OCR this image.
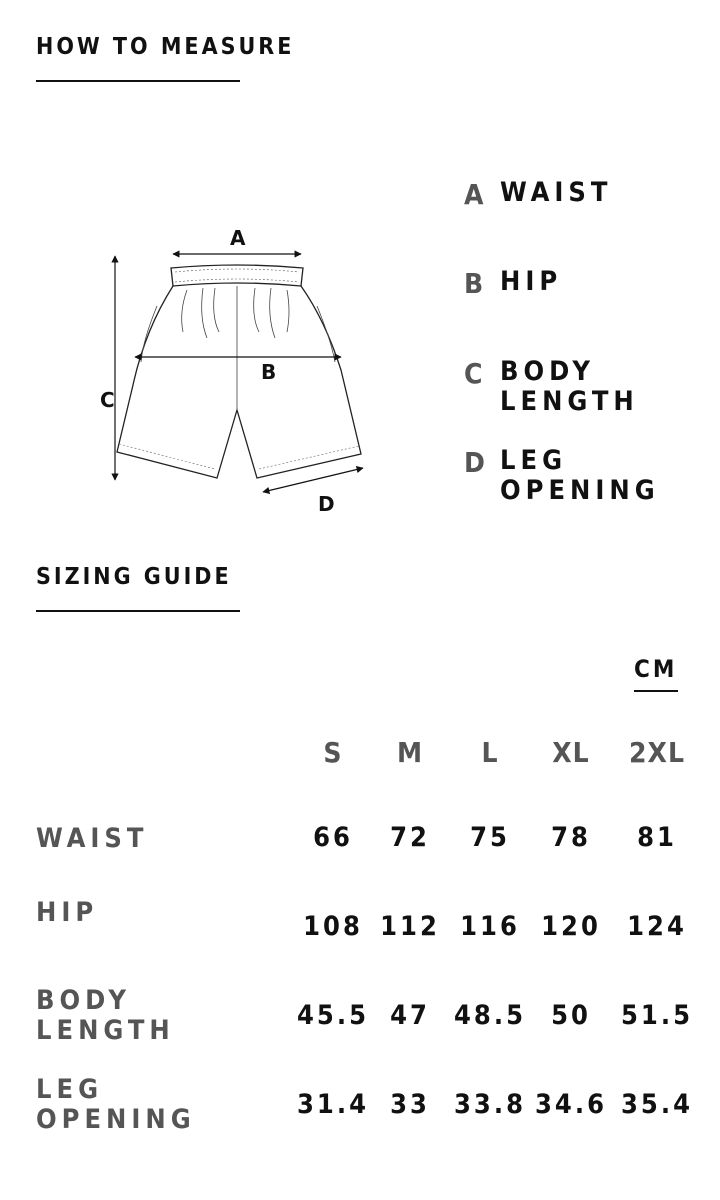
HOW TO MEASURE
A
B
C
D
A WAIST
B HIP
C BODY
LENGTH
D LEG
OPENING
SIZING GUIDE
CM
S	M	L	XL	2XL
WAIST	66	72	75	78	81
HIP	108 112 116 120 124
BODY
LENGTH	45.5 47 48.5 50	51.5
LEG
OPENING	31.4 33 33.8 34.6 35.4
